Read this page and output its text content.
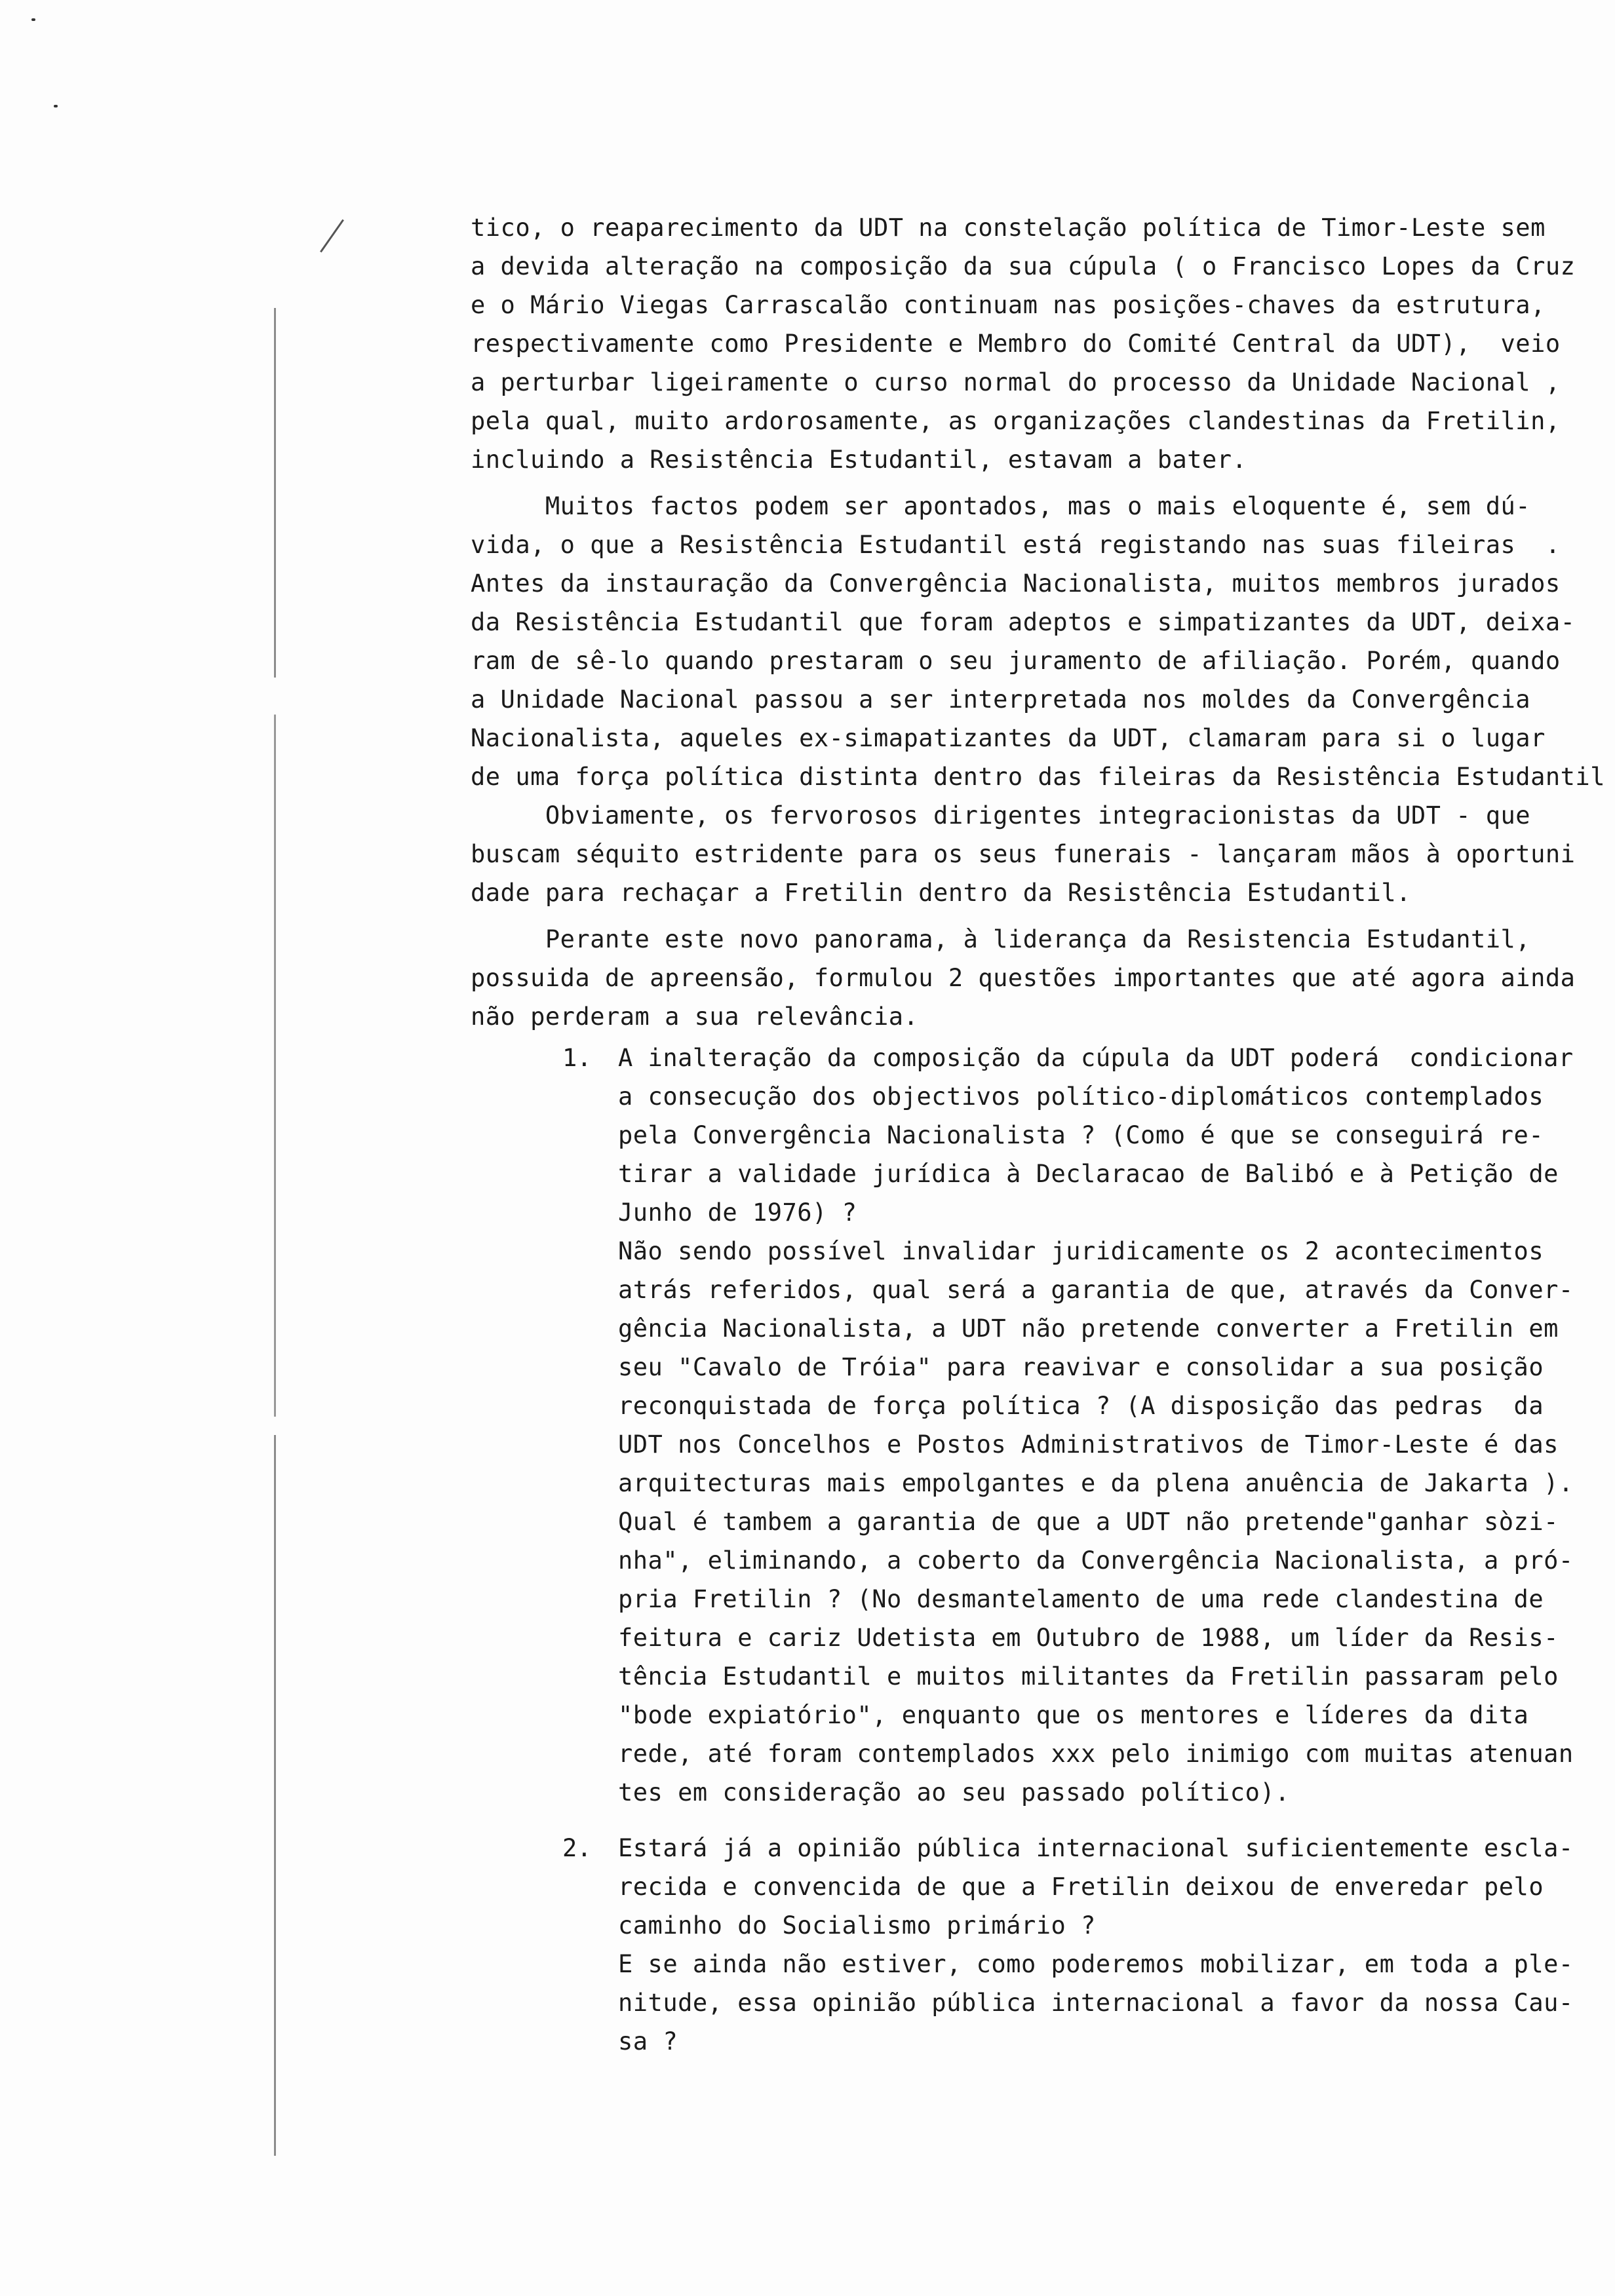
tico, o reaparecimento da UDT na constelação política de Timor-Leste sem
a devida alteração na composição da sua cúpula ( o Francisco Lopes da Cruz
e o Mário Viegas Carrascalão continuam nas posições-chaves da estrutura,
respectivamente como Presidente e Membro do Comité Central da UDT),  veio
a perturbar ligeiramente o curso normal do processo da Unidade Nacional ,
pela qual, muito ardorosamente, as organizações clandestinas da Fretilin,
incluindo a Resistência Estudantil, estavam a bater.
Muitos factos podem ser apontados, mas o mais eloquente é, sem dú-
vida, o que a Resistência Estudantil está registando nas suas fileiras  .
Antes da instauração da Convergência Nacionalista, muitos membros jurados
da Resistência Estudantil que foram adeptos e simpatizantes da UDT, deixa-
ram de sê-lo quando prestaram o seu juramento de afiliação. Porém, quando
a Unidade Nacional passou a ser interpretada nos moldes da Convergência
Nacionalista, aqueles ex-simapatizantes da UDT, clamaram para si o lugar
de uma força política distinta dentro das fileiras da Resistência Estudantil
Obviamente, os fervorosos dirigentes integracionistas da UDT - que
buscam séquito estridente para os seus funerais - lançaram mãos à oportuni
dade para rechaçar a Fretilin dentro da Resistência Estudantil.
Perante este novo panorama, à liderança da Resistencia Estudantil,
possuida de apreensão, formulou 2 questões importantes que até agora ainda
não perderam a sua relevância.
1. A inalteração da composição da cúpula da UDT poderá  condicionar
a consecução dos objectivos político-diplomáticos contemplados
pela Convergência Nacionalista ? (Como é que se conseguirá re-
tirar a validade jurídica à Declaracao de Balibó e à Petição de
Junho de 1976) ?
Não sendo possível invalidar juridicamente os 2 acontecimentos
atrás referidos, qual será a garantia de que, através da Conver-
gência Nacionalista, a UDT não pretende converter a Fretilin em
seu "Cavalo de Tróia" para reavivar e consolidar a sua posição
reconquistada de força política ? (A disposição das pedras  da
UDT nos Concelhos e Postos Administrativos de Timor-Leste é das
arquitecturas mais empolgantes e da plena anuência de Jakarta ).
Qual é tambem a garantia de que a UDT não pretende"ganhar sòzi-
nha", eliminando, a coberto da Convergência Nacionalista, a pró-
pria Fretilin ? (No desmantelamento de uma rede clandestina de
feitura e cariz Udetista em Outubro de 1988, um líder da Resis-
tência Estudantil e muitos militantes da Fretilin passaram pelo
"bode expiatório", enquanto que os mentores e líderes da dita
rede, até foram contemplados xxx pelo inimigo com muitas atenuan
tes em consideração ao seu passado político).
2. Estará já a opinião pública internacional suficientemente escla-
recida e convencida de que a Fretilin deixou de enveredar pelo
caminho do Socialismo primário ?
E se ainda não estiver, como poderemos mobilizar, em toda a ple-
nitude, essa opinião pública internacional a favor da nossa Cau-
sa ?
